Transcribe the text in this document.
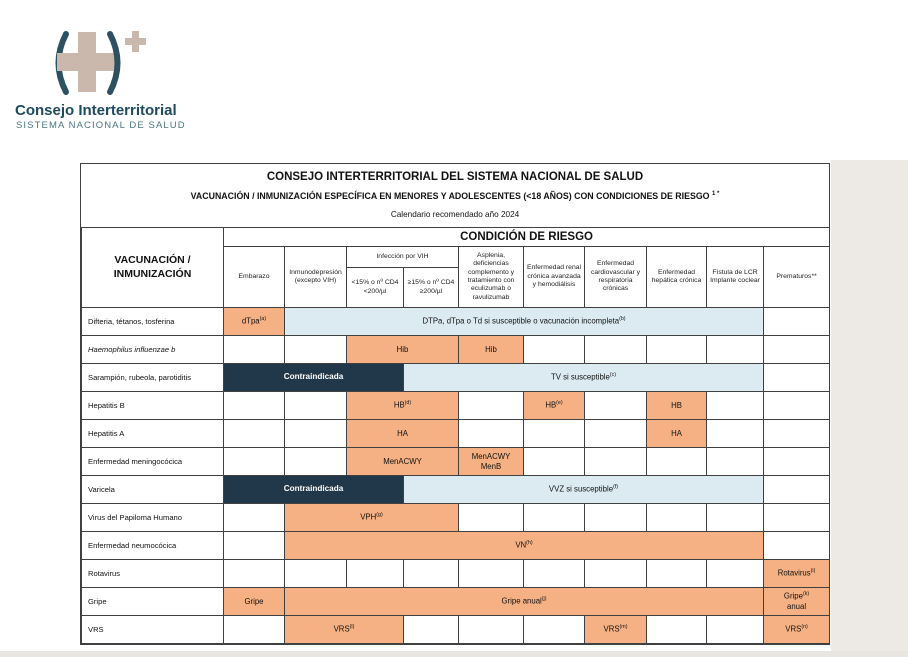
Consejo Interterritorial
SISTEMA NACIONAL DE SALUD
CONSEJO INTERTERRITORIAL DEL SISTEMA NACIONAL DE SALUD
VACUNACIÓN / INMUNIZACIÓN ESPECÍFICA EN MENORES Y ADOLESCENTES (<18 AÑOS) CON CONDICIONES DE RIESGO $^{1 *}$
Calendario recomendado año 2024
VACUNACIÓN / INMUNIZACIÓN	CONDICIÓN DE RIESGO									
	Embarazo	Inmunodepresión (excepto VIH)	Infección por VIH		Asplenia, deficiencias complemento y tratamiento con eculizumab o ravulizumab	Enfermedad renal crónica avanzada y hemodiálisis	Enfermedad cardiovascular y respiratoria crónicas	Enfermedad hepática crónica	Fístula de LCR Implante coclear	Prematuros**
			<15% o nº CD4 <200/µl	≥15% o nº CD4 ≥200/µl						
Difteria, tétanos, tosferina	dTpa$^{(a)}$	DTPa, dTpa o Td si susceptible o vacunación incompleta$^{(b)}$

Haemophilus influenzae b			Hib		Hib					

Sarampión, rubeola, parotiditis	Contraindicada			TV si susceptible$^{(c)}$

Hepatitis B			HB$^{(d)}$			HB$^{(e)}$		HB		

Hepatitis A			HA					HA		

Enfermedad meningocócica			MenACWY		MenACWY
MenB					

Varicela	Contraindicada			VVZ si susceptible$^{(f)}$

Virus del Papiloma Humano		VPH$^{(g)}$

Enfermedad neumocócica		VN$^{(h)}$

Rotavirus										Rotavirus$^{(i)}$

Gripe	Gripe	Gripe anual$^{(j)}$								Gripe$^{(k)}$
anual

VRS		VRS$^{(l)}$					VRS$^{(m)}$			VRS$^{(n)}$
